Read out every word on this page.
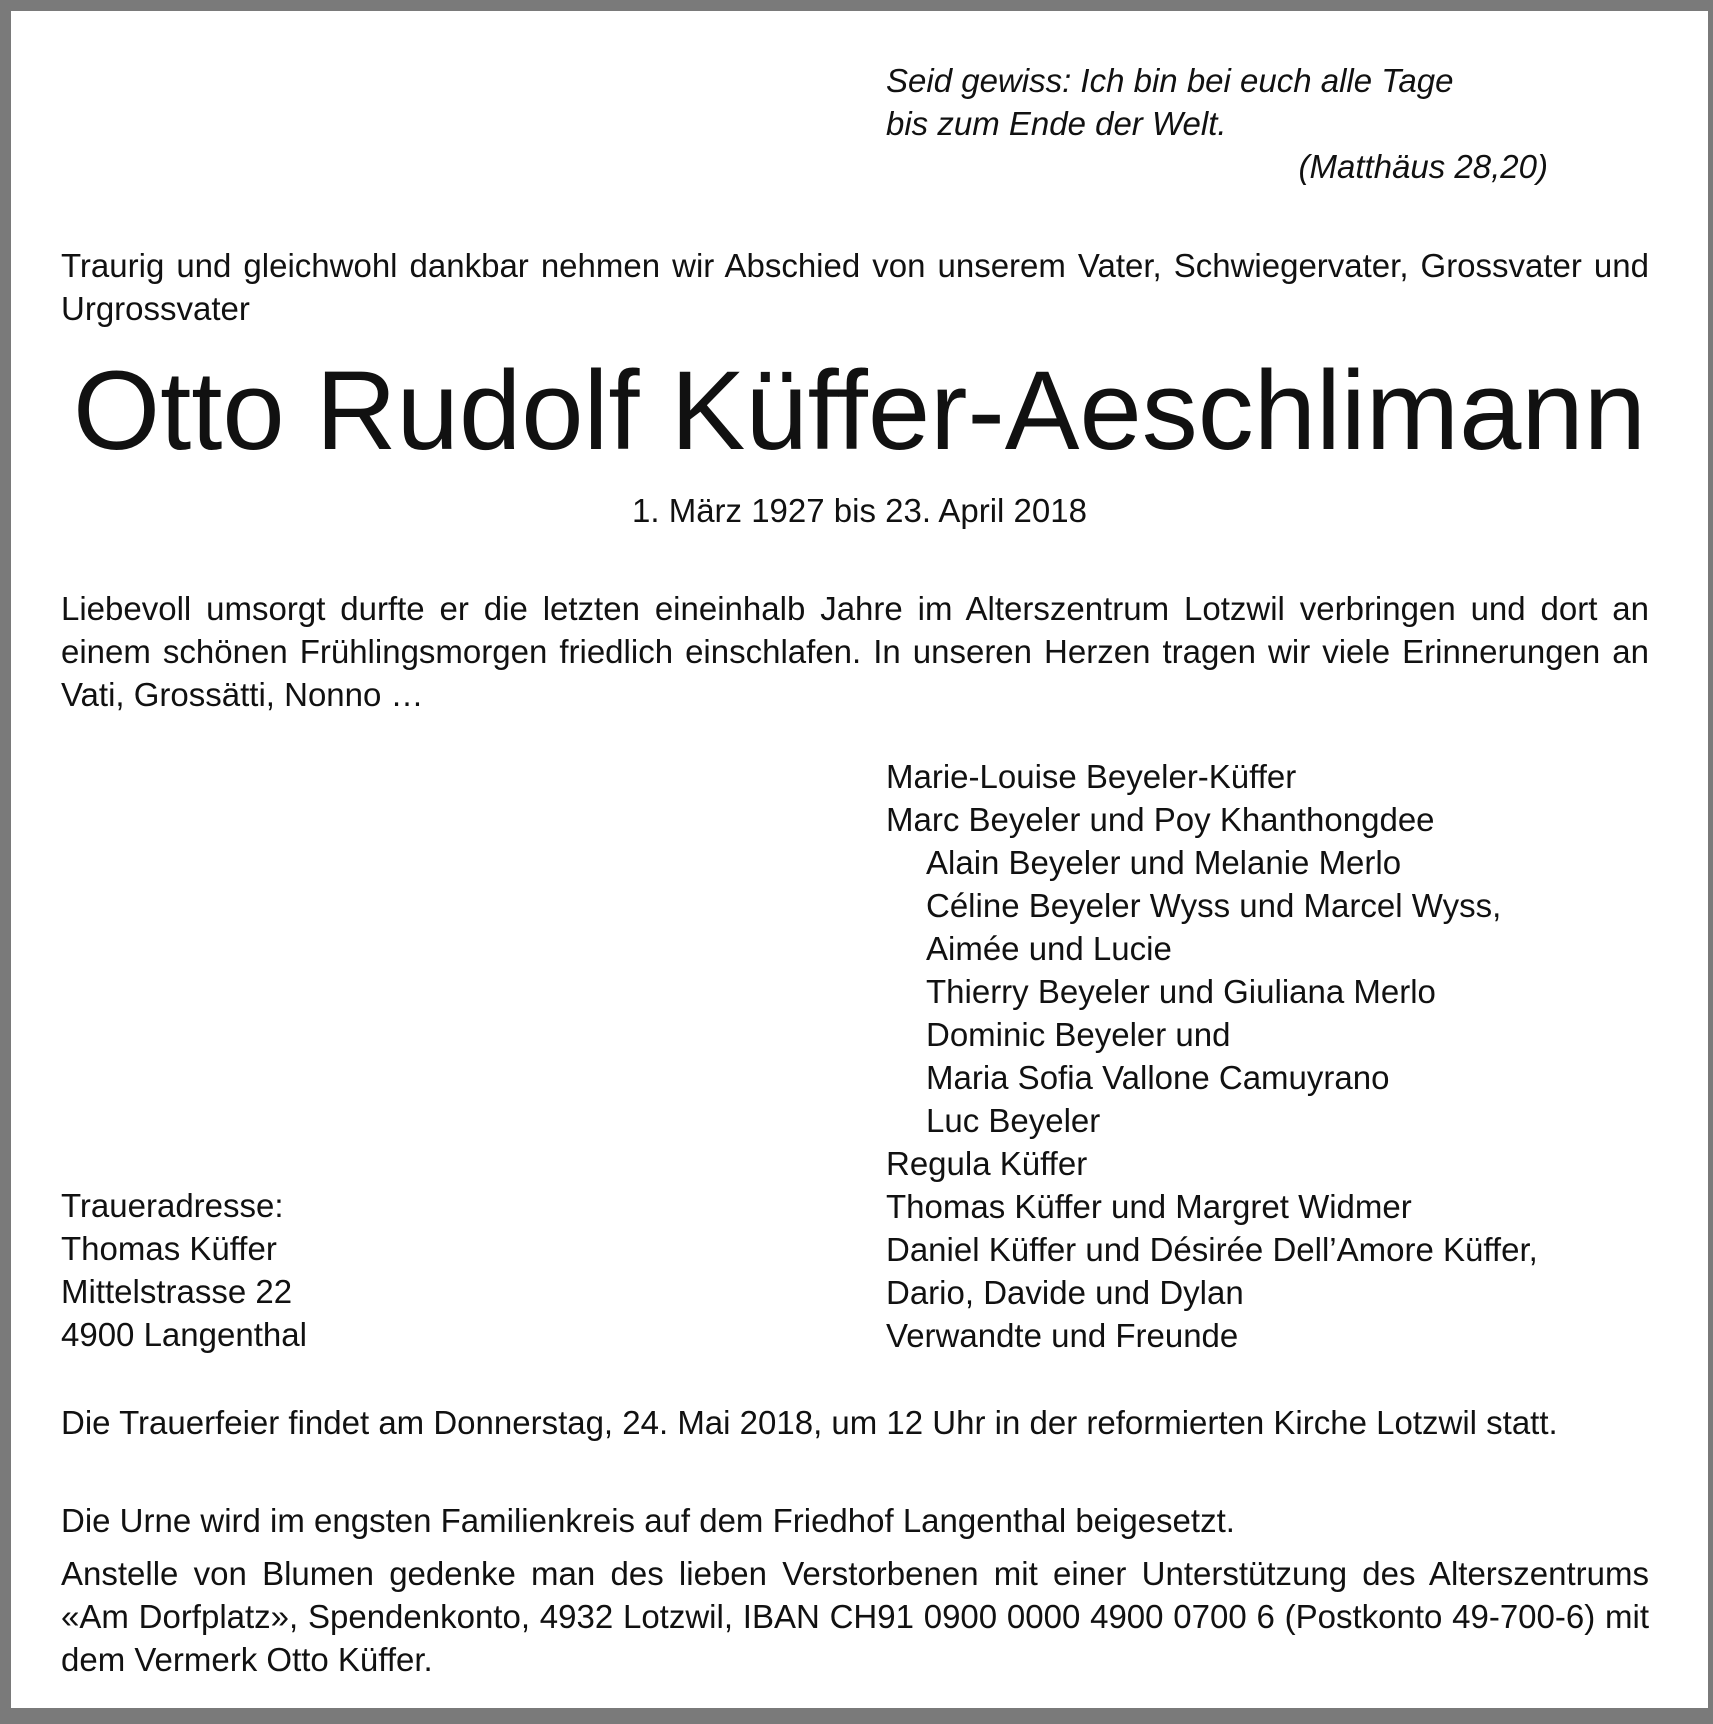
Seid gewiss: Ich bin bei euch alle Tage
bis zum Ende der Welt.
(Matthäus 28,20)
Traurig und gleichwohl dankbar nehmen wir Abschied von unserem Vater, Schwiegervater, Grossvater und Urgrossvater
Otto Rudolf Küffer-Aeschlimann
1. März 1927 bis 23. April 2018
Liebevoll umsorgt durfte er die letzten eineinhalb Jahre im Alterszentrum Lotzwil verbringen und dort an einem schönen Frühlingsmorgen friedlich einschlafen. In unseren Herzen tragen wir viele Erinnerungen an Vati, Grossätti, Nonno …
Marie-Louise Beyeler-Küffer
Marc Beyeler und Poy Khanthongdee
Alain Beyeler und Melanie Merlo
Céline Beyeler Wyss und Marcel Wyss,
Aimée und Lucie
Thierry Beyeler und Giuliana Merlo
Dominic Beyeler und
Maria Sofia Vallone Camuyrano
Luc Beyeler
Regula Küffer
Thomas Küffer und Margret Widmer
Daniel Küffer und Désirée Dell’Amore Küffer,
Dario, Davide und Dylan
Verwandte und Freunde
Traueradresse:
Thomas Küffer
Mittelstrasse 22
4900 Langenthal
Die Trauerfeier findet am Donnerstag, 24. Mai 2018, um 12 Uhr in der reformierten Kirche Lotzwil statt.
Die Urne wird im engsten Familienkreis auf dem Friedhof Langenthal beigesetzt.
Anstelle von Blumen gedenke man des lieben Verstorbenen mit einer Unterstützung des Alterszentrums «Am Dorfplatz», Spendenkonto, 4932 Lotzwil, IBAN CH91 0900 0000 4900 0700 6 (Postkonto 49-700-6) mit dem Vermerk Otto Küffer.
